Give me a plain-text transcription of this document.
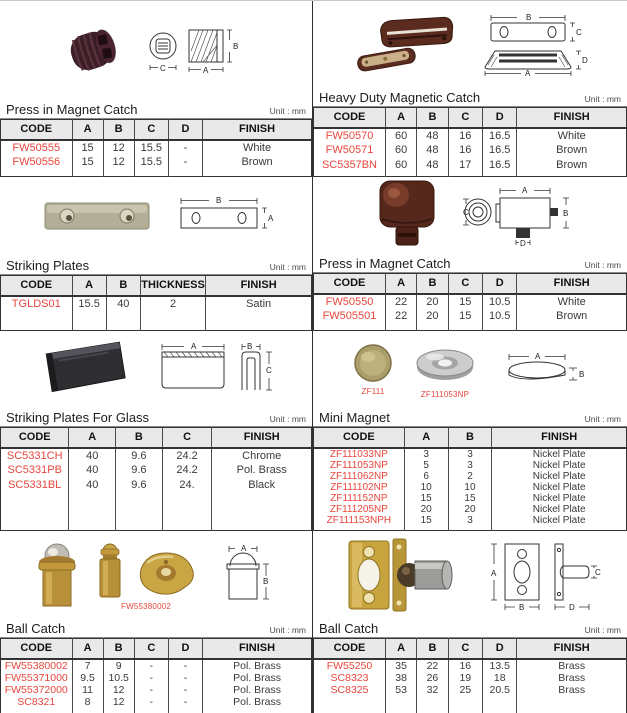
C	A
B
Press in Magnet Catch	Unit : mm
CODE	A	B	C	D	FINISH
FW50555	15	12	15.5	-	White
FW50556	15	12	15.5	-	Brown

B
C
A
D
Heavy Duty Magnetic Catch	Unit : mm
CODE	A	B	C	D	FINISH
FW50570	60	48	16	16.5	White
FW50571	60	48	16	16.5	Brown
SC5357BN	60	48	17	16.5	Brown

B
A
Striking Plates	Unit : mm
CODE	A	B	THICKNESS	FINISH
TGLDS01	15.5	40	2	Satin

C
A
B
D
Press in Magnet Catch	Unit : mm
CODE	A	B	C	D	FINISH
FW50550	22	20	15	10.5	White
FW505501	22	20	15	10.5	Brown

A	B
C
Striking Plates For Glass	Unit : mm
CODE	A	B	C	FINISH
SC5331CH	40	9.6	24.2	Chrome
SC5331PB	40	9.6	24.2	Pol. Brass
SC5331BL	40	9.6	24.	Black

ZF111	ZF111053NP
A
B
Mini Magnet	Unit : mm
CODE	A	B	FINISH
ZF111033NP	3	3	Nickel Plate
ZF111053NP	5	3	Nickel Plate
ZF111062NP	6	2	Nickel Plate
ZF111102NP	10	10	Nickel Plate
ZF111152NP	15	15	Nickel Plate
ZF111205NP	20	20	Nickel Plate
ZF111153NPH	15	3	Nickel Plate

FW55380002
A
B
Ball Catch	Unit : mm
CODE	A	B	C	D	FINISH
FW55380002	7	9	-	-	Pol. Brass
FW55371000	9.5	10.5	-	-	Pol. Brass
FW55372000	11	12	-	-	Pol. Brass
SC8321	8	12	-	-	Pol. Brass

A
B
C
D
Ball Catch	Unit : mm
CODE	A	B	C	D	FINISH
FW55250	35	22	16	13.5	Brass
SC8323	38	26	19	18	Brass
SC8325	53	32	25	20.5	Brass
